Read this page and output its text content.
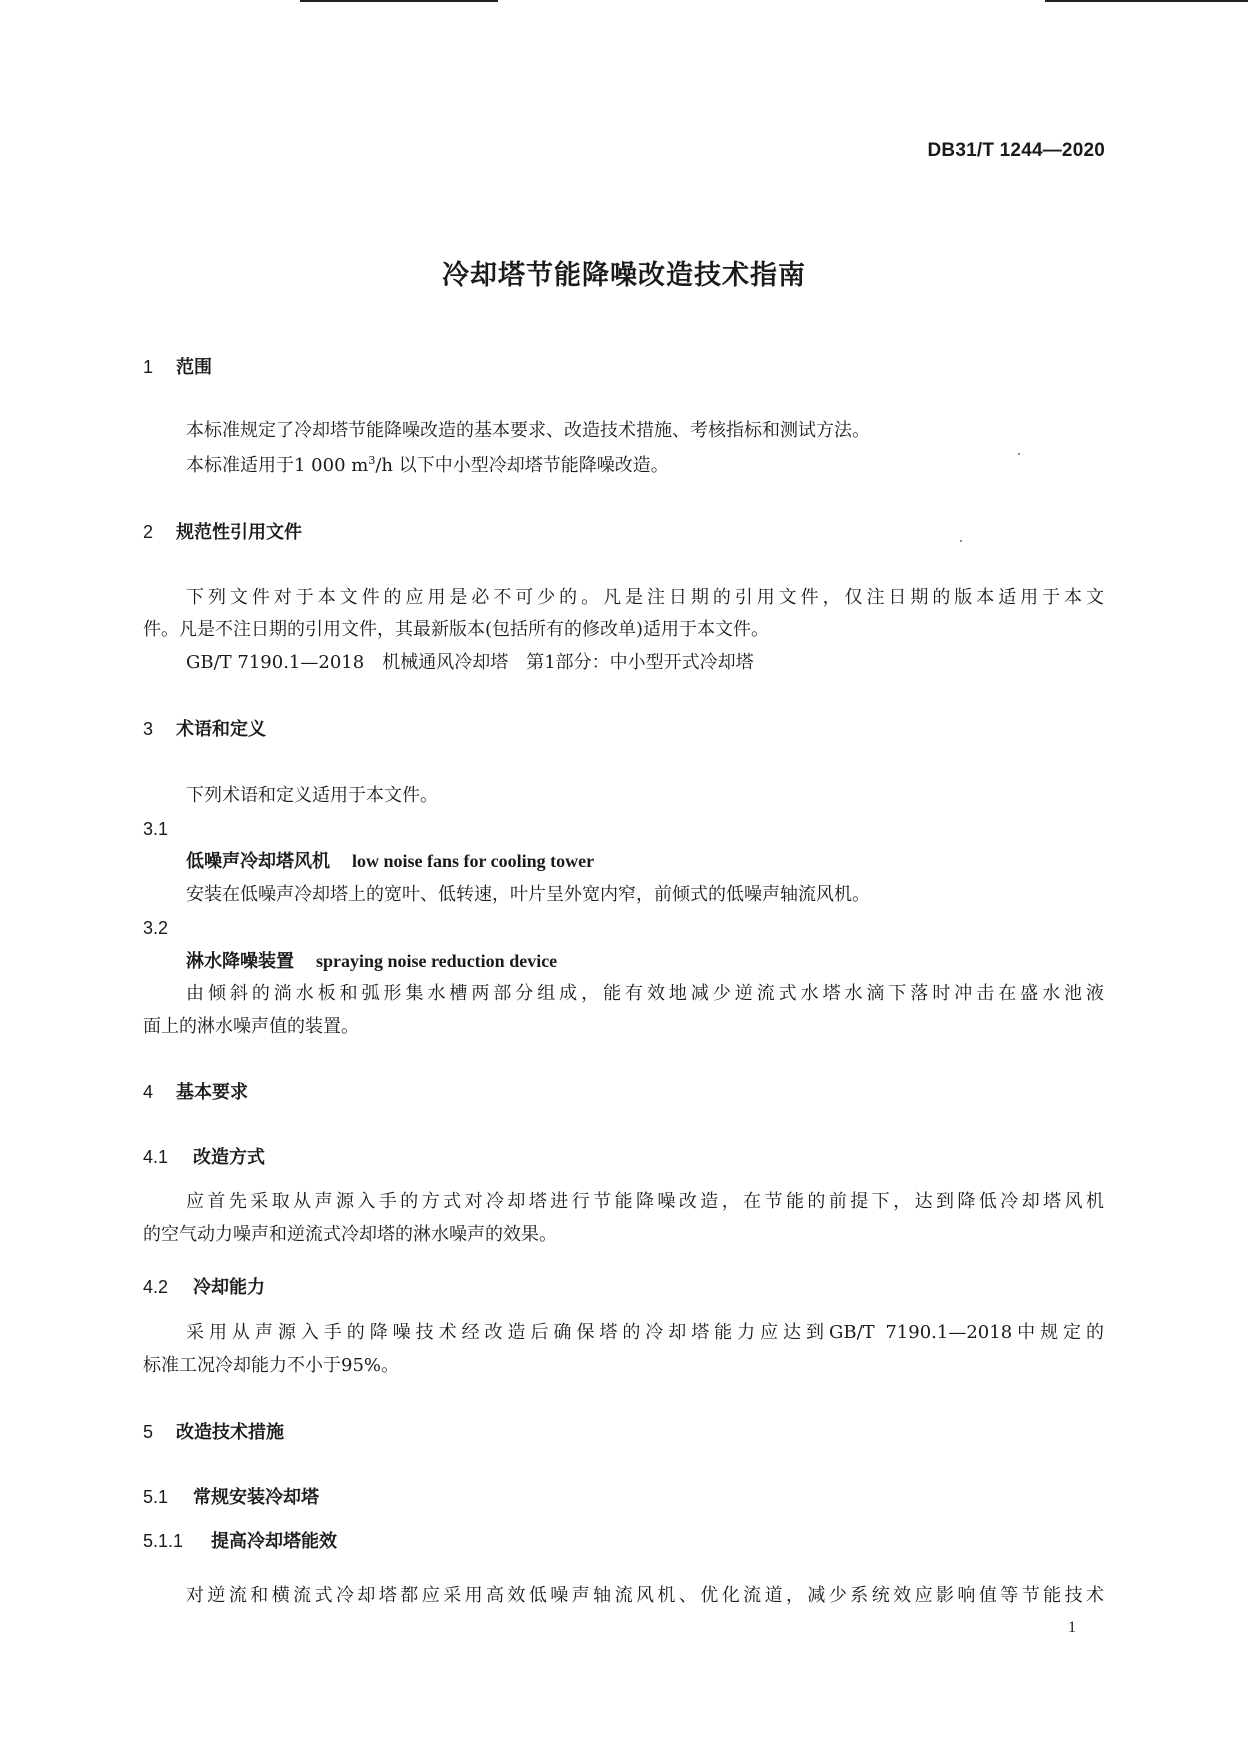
DB31/T 1244—2020
冷却塔节能降噪改造技术指南
1 范围
本标准规定了冷却塔节能降噪改造的基本要求、改造技术措施、考核指标和测试方法。
本标准适用于1 000 $m^3/h$ 以下中小型冷却塔节能降噪改造。
2 规范性引用文件
下列文件对于本文件的应用是必不可少的。凡是注日期的引用文件，仅注日期的版本适用于本文
件。凡是不注日期的引用文件，其最新版本(包括所有的修改单)适用于本文件。
GB/T 7190.1—2018　机械通风冷却塔　第1部分：中小型开式冷却塔
3 术语和定义
下列术语和定义适用于本文件。
3.1
低噪声冷却塔风机 low noise fans for cooling tower
安装在低噪声冷却塔上的宽叶、低转速，叶片呈外宽内窄，前倾式的低噪声轴流风机。
3.2
淋水降噪装置 spraying noise reduction device
由倾斜的淌水板和弧形集水槽两部分组成，能有效地减少逆流式水塔水滴下落时冲击在盛水池液
面上的淋水噪声值的装置。
4 基本要求
4.1 改造方式
应首先采取从声源入手的方式对冷却塔进行节能降噪改造，在节能的前提下，达到降低冷却塔风机
的空气动力噪声和逆流式冷却塔的淋水噪声的效果。
4.2 冷却能力
采用从声源入手的降噪技术经改造后确保塔的冷却塔能力应达到GB/T 7190.1—2018中规定的
标准工况冷却能力不小于95%。
5 改造技术措施
5.1 常规安装冷却塔
5.1.1 提高冷却塔能效
对逆流和横流式冷却塔都应采用高效低噪声轴流风机、优化流道，减少系统效应影响值等节能技术
1
